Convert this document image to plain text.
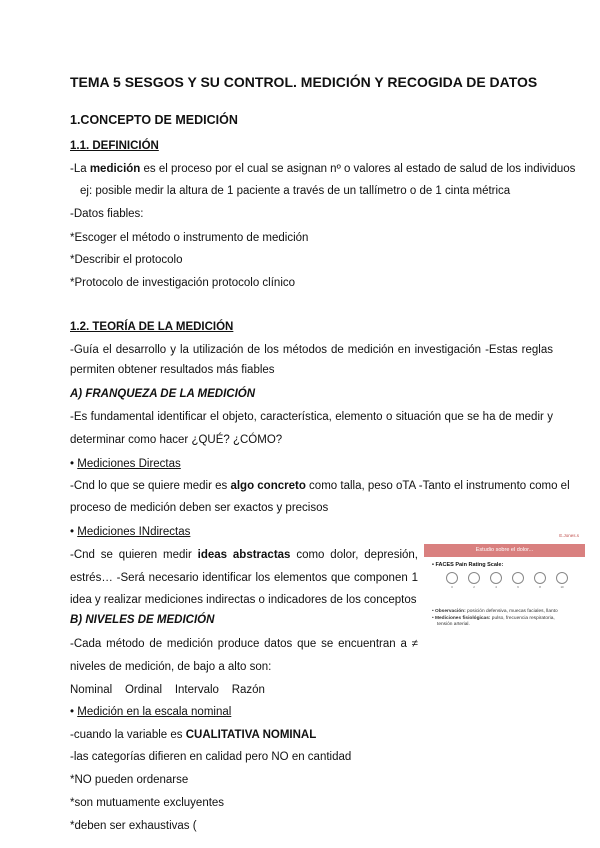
TEMA 5 SESGOS Y SU CONTROL. MEDICIÓN Y RECOGIDA DE DATOS
1.CONCEPTO DE MEDICIÓN
1.1. DEFINICIÓN
-La medición es el proceso por el cual se asignan nº o valores al estado de salud de los individuos
ej: posible medir la altura de 1 paciente a través de un tallímetro o de 1 cinta métrica
-Datos fiables:
*Escoger el método o instrumento de medición
*Describir el protocolo
*Protocolo de investigación protocolo clínico
1.2. TEORÍA DE LA MEDICIÓN
-Guía el desarrollo y la utilización de los métodos de medición en investigación -Estas reglas
permiten obtener resultados más fiables
A) FRANQUEZA DE LA MEDICIÓN
-Es fundamental identificar el objeto, característica, elemento o situación que se ha de medir y
determinar como hacer ¿QUÉ? ¿CÓMO?
• Mediciones Directas
-Cnd lo que se quiere medir es algo concreto como talla, peso oTA -Tanto el instrumento como el
proceso de medición deben ser exactos y precisos
• Mediciones INdirectas
-Cnd se quieren medir ideas abstractas como dolor, depresión,
estrés… -Será necesario identificar los elementos que componen 1
idea y realizar mediciones indirectas o indicadores de los conceptos
B) NIVELES DE MEDICIÓN
-Cada método de medición produce datos que se encuentran a ≠
niveles de medición, de bajo a alto son:
Nominal    Ordinal    Intervalo    Razón
• Medición en la escala nominal
-cuando la variable es CUALITATIVA NOMINAL
-las categorías difieren en calidad pero NO en cantidad
*NO pueden ordenarse
*son mutuamente excluyentes
*deben ser exhaustivas (
E.Jones.s
Estudio sobre el dolor...
• FACES Pain Rating Scale:
0	2	4	6	8	10
• Observación: posición defensiva, muecas faciales, llanto
• Mediciones fisiológicas: pulso, frecuencia respiratoria,
tensión arterial.
